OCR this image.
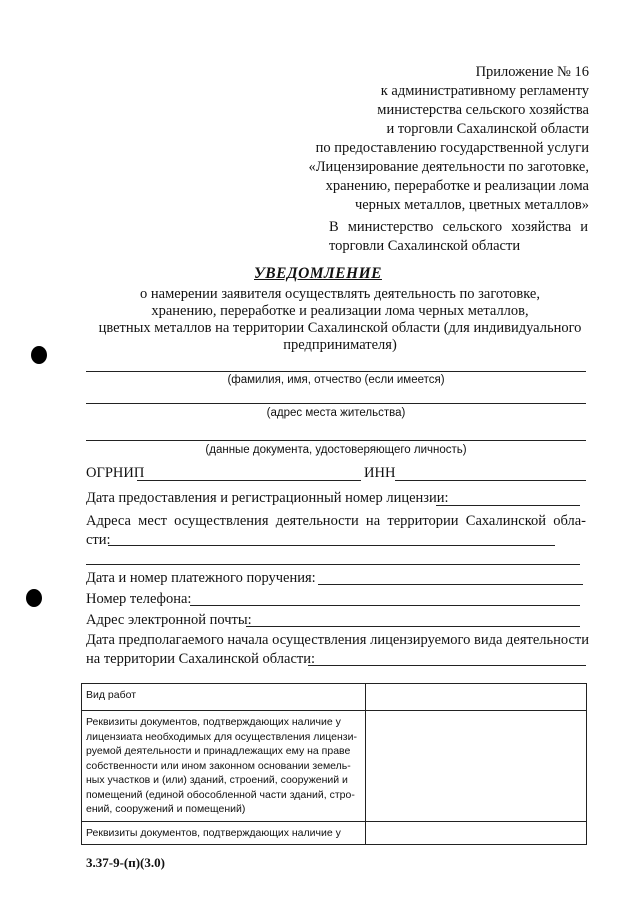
Приложение № 16
к административному регламенту
министерства сельского хозяйства
и торговли Сахалинской области
по предоставлению государственной услуги
«Лицензирование деятельности по заготовке,
хранению, переработке и реализации лома
черных металлов, цветных металлов»
В министерство сельского хозяйства и
торговли Сахалинской области
УВЕДОМЛЕНИЕ
о намерении заявителя осуществлять деятельность по заготовке,
хранению, переработке и реализации лома черных металлов,
цветных металлов на территории Сахалинской области (для индивидуального
предпринимателя)
(фамилия, имя, отчество (если имеется)
(адрес места жительства)
(данные документа, удостоверяющего личность)
ОГРНИП	ИНН
Дата предоставления и регистрационный номер лицензии:
Адреса мест осуществления деятельности на территории Сахалинской обла-
сти:
Дата и номер платежного поручения:
Номер телефона:
Адрес электронной почты:
Дата предполагаемого начала осуществления лицензируемого вида деятельности
на территории Сахалинской области:
Вид работ	
Реквизиты документов, подтверждающих наличие у лицензиата необходимых для осуществления лицензи-руемой деятельности и принадлежащих ему на праве собственности или ином законном основании земель-ных участков и (или) зданий, строений, сооружений и помещений (единой обособленной части зданий, стро-ений, сооружений и помещений)	
Реквизиты документов, подтверждающих наличие у	
3.37-9-(п)(3.0)
